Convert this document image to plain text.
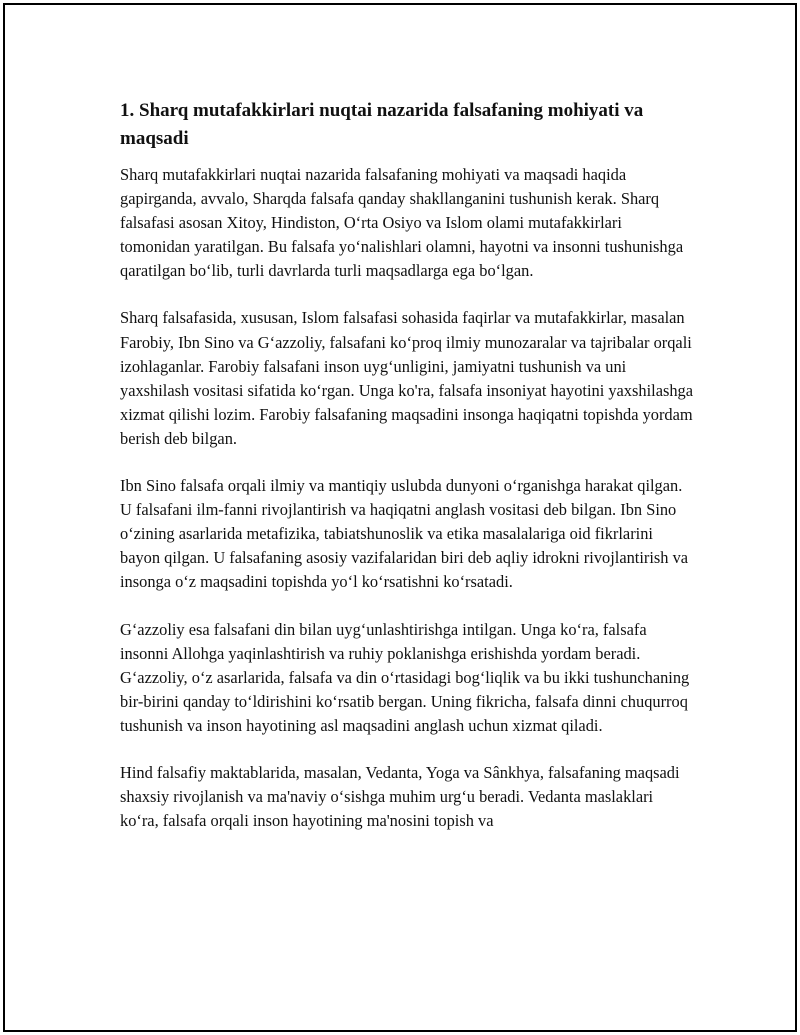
1. Sharq mutafakkirlari nuqtai nazarida falsafaning mohiyati va maqsadi

Sharq mutafakkirlari nuqtai nazarida falsafaning mohiyati va maqsadi haqida gapirganda, avvalo, Sharqda falsafa qanday shakllanganini tushunish kerak. Sharq falsafasi asosan Xitoy, Hindiston, O‘rta Osiyo va Islom olami mutafakkirlari tomonidan yaratilgan. Bu falsafa yo‘nalishlari olamni, hayotni va insonni tushunishga qaratilgan bo‘lib, turli davrlarda turli maqsadlarga ega bo‘lgan.

Sharq falsafasida, xususan, Islom falsafasi sohasida faqirlar va mutafakkirlar, masalan Farobiy, Ibn Sino va G‘azzoliy, falsafani ko‘proq ilmiy munozaralar va tajribalar orqali izohlaganlar. Farobiy falsafani inson uyg‘unligini, jamiyatni tushunish va uni yaxshilash vositasi sifatida ko‘rgan. Unga ko'ra, falsafa insoniyat hayotini yaxshilashga xizmat qilishi lozim. Farobiy falsafaning maqsadini insonga haqiqatni topishda yordam berish deb bilgan.

Ibn Sino falsafa orqali ilmiy va mantiqiy uslubda dunyoni o‘rganishga harakat qilgan. U falsafani ilm-fanni rivojlantirish va haqiqatni anglash vositasi deb bilgan. Ibn Sino o‘zining asarlarida metafizika, tabiatshunoslik va etika masalalariga oid fikrlarini bayon qilgan. U falsafaning asosiy vazifalaridan biri deb aqliy idrokni rivojlantirish va insonga o‘z maqsadini topishda yo‘l ko‘rsatishni ko‘rsatadi.

G‘azzoliy esa falsafani din bilan uyg‘unlashtirishga intilgan. Unga ko‘ra, falsafa insonni Allohga yaqinlashtirish va ruhiy poklanishga erishishda yordam beradi. G‘azzoliy, o‘z asarlarida, falsafa va din o‘rtasidagi bog‘liqlik va bu ikki tushunchaning bir-birini qanday to‘ldirishini ko‘rsatib bergan. Uning fikricha, falsafa dinni chuqurroq tushunish va inson hayotining asl maqsadini anglash uchun xizmat qiladi.

Hind falsafiy maktablarida, masalan, Vedanta, Yoga va Sânkhya, falsafaning maqsadi shaxsiy rivojlanish va ma'naviy o‘sishga muhim urg‘u beradi. Vedanta maslaklari ko‘ra, falsafa orqali inson hayotining ma'nosini topish va
